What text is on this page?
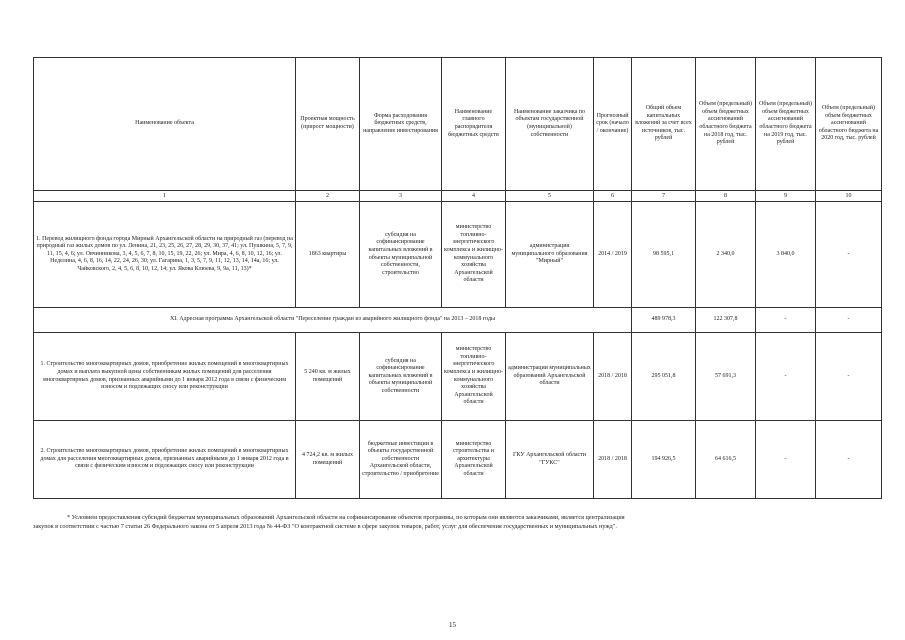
Наименование объекта	Проектная мощность (прирост мощности)	Форма расходования бюджетных средств, направление инвестирования	Наименование главного распорядителя бюджетных средств	Наименование заказчика по объектам государственной (муниципальной) собственности	Прогнозный срок (начало / окончание)	Общий объем капитальных вложений за счет всех источников, тыс. рублей	Объем (предельный) объем бюджетных ассигнований областного бюджета на 2018 год, тыс. рублей	Объем (предельный) объем бюджетных ассигнований областного бюджета на 2019 год, тыс. рублей	Объем (предельный) объем бюджетных ассигнований областного бюджета на 2020 год, тыс. рублей
1	2	3	4	5	6	7	8	9	10
1. Перевод жилищного фонда города Мирный Архангельской области на природный газ (перевод на природный газ жилых домов по ул. Ленина, 21, 23, 25, 26, 27, 28, 29, 30, 37, 41; ул. Пушкина, 5, 7, 9, 11, 15, 4, 6; ул. Овчинникова, 3, 4, 5, 6, 7, 8, 10, 15, 19, 22, 26; ул. Мира, 4, 6, 8, 10, 12, 16; ул. Неделина, 4, 6, 8, 16, 14, 22, 24, 26, 30; ул. Гагарина, 1, 3, 5, 7, 9, 11, 12, 13, 14, 14а, 16; ул. Чайковского, 2, 4, 5, 6, 8, 10, 12, 14; ул. Якова Клюева, 9, 9а, 11, 13)*	1863 квартиры	субсидия на софинансирование капитальных вложений в объекты муниципальной собственности, строительство	министерство топливно-энергетического комплекса и жилищно-коммунального хозяйства Архангельской области	администрация муниципального образования "Мирный"	2014 / 2019	98 595,1	2 340,0	3 840,0	-
XI. Адресная программа Архангельской области "Переселение граждан из аварийного жилищного фонда" на 2013 – 2018 годы						489 978,3	122 307,8	-	-
1. Строительство многоквартирных домов, приобретение жилых помещений в многоквартирных домах и выплата выкупной цены собственникам жилых помещений для расселения многоквартирных домов, признанных аварийными до 1 января 2012 года в связи с физическим износом и подлежащих сносу или реконструкции	5 240 кв. м жилых помещений	субсидия на софинансирование капитальных вложений в объекты муниципальной собственности	министерство топливно-энергетического комплекса и жилищно-коммунального хозяйства Архангельской области	администрации муниципальных образований Архангельской области	2018 / 2018	295 051,8	57 691,3	-	-
2. Строительство многоквартирных домов, приобретение жилых помещений в многоквартирных домах для расселения многоквартирных домов, признанных аварийными до 1 января 2012 года в связи с физическим износом и подлежащих сносу или реконструкции	4 724,2 кв. м жилых помещений	бюджетные инвестиции в объекты государственной собственности Архангельской области, строительство / приобретение	министерство строительства и архитектуры Архангельской области	ГКУ Архангельской области "ГУКС"	2018 / 2018	194 926,5	64 616,5	-	-

* Условием предоставления субсидий бюджетам муниципальных образований Архангельской области на софинансирование объектов программы, по которым они являются заказчиками, является централизация

закупок в соответствии с частью 7 статьи 26 Федерального закона от 5 апреля 2013 года № 44-ФЗ "О контрактной системе в сфере закупок товаров, работ, услуг для обеспечения государственных и муниципальных нужд".

15
